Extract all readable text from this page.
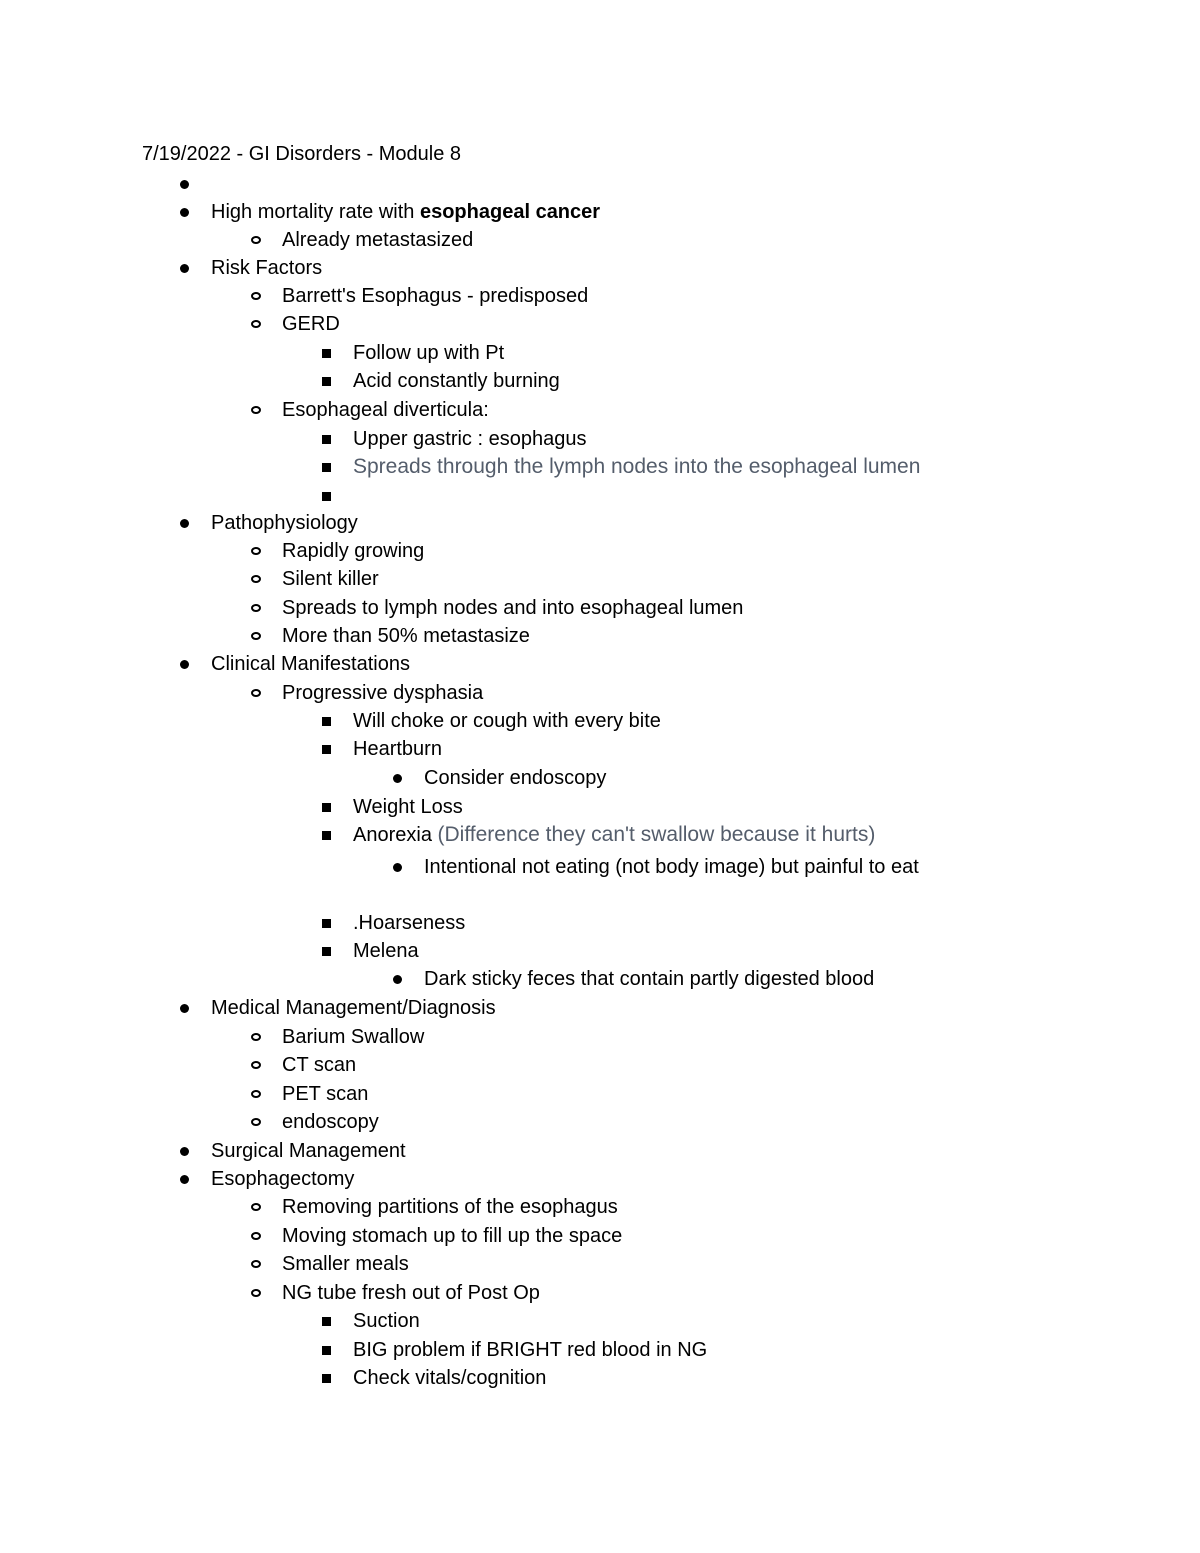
7/19/2022 - GI Disorders - Module 8
High mortality rate with esophageal cancer
Already metastasized
Risk Factors
Barrett's Esophagus - predisposed
GERD
Follow up with Pt
Acid constantly burning
Esophageal diverticula:
Upper gastric : esophagus
Spreads through the lymph nodes into the esophageal lumen
Pathophysiology
Rapidly growing
Silent killer
Spreads to lymph nodes and into esophageal lumen
More than 50% metastasize
Clinical Manifestations
Progressive dysphasia
Will choke or cough with every bite
Heartburn
Consider endoscopy
Weight Loss
Anorexia (Difference they can't swallow because it hurts)
Intentional not eating (not body image) but painful to eat
.Hoarseness
Melena
Dark sticky feces that contain partly digested blood
Medical Management/Diagnosis
Barium Swallow
CT scan
PET scan
endoscopy
Surgical Management
Esophagectomy
Removing partitions of the esophagus
Moving stomach up to fill up the space
Smaller meals
NG tube fresh out of Post Op
Suction
BIG problem if BRIGHT red blood in NG
Check vitals/cognition
